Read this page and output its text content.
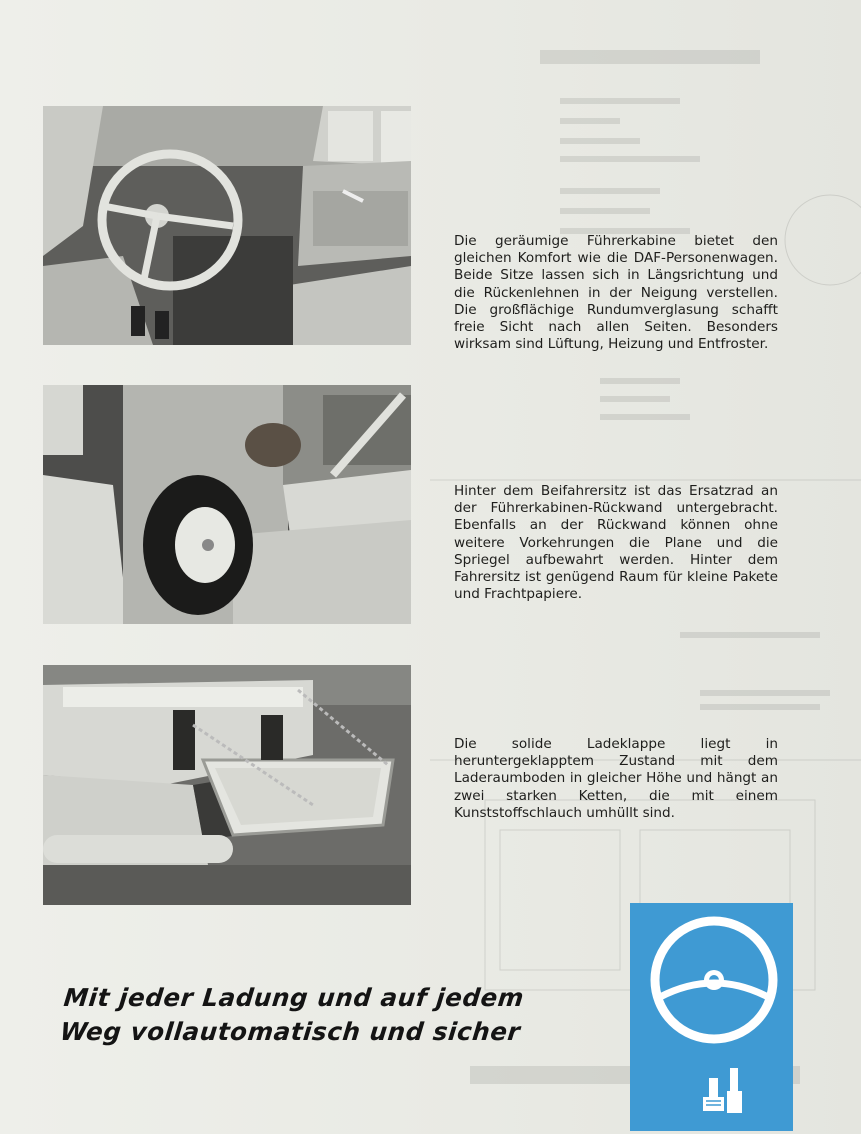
Die geräumige Führerkabine bietet den gleichen Komfort wie die DAF-Personenwagen. Beide Sitze lassen sich in Längsrichtung und die Rückenlehnen in der Neigung verstellen. Die großflächige Rundumverglasung schafft freie Sicht nach allen Seiten. Besonders wirksam sind Lüftung, Heizung und Entfroster.

Hinter dem Beifahrersitz ist das Ersatzrad an der Führerkabinen-Rückwand untergebracht. Ebenfalls an der Rückwand können ohne weitere Vorkehrungen die Plane und die Spriegel aufbewahrt werden. Hinter dem Fahrersitz ist genügend Raum für kleine Pakete und Frachtpapiere.

Die solide Ladeklappe liegt in heruntergeklapptem Zustand mit dem Laderaumboden in gleicher Höhe und hängt an zwei starken Ketten, die mit einem Kunststoffschlauch umhüllt sind.

Mit jeder Ladung und auf jedem
Weg vollautomatisch und sicher
